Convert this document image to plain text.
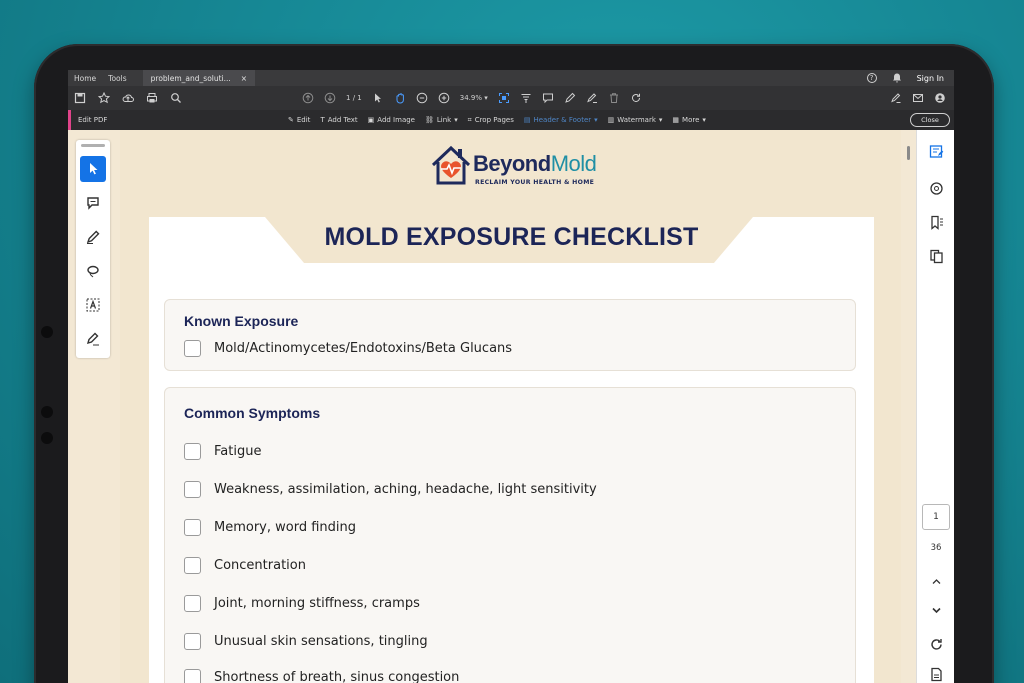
Home	Tools	problem_and_soluti... ×	?	Sign In
1 / 1	34.9% ▾
Edit PDF	✎ Edit T Add Text ▣ Add Image ⛓ Link ▾ ⌗ Crop Pages ▤ Header & Footer ▾ ▥ Watermark ▾ ▦ More ▾	Close
BeyondMold
RECLAIM YOUR HEALTH & HOME
MOLD EXPOSURE CHECKLIST
Known Exposure
Mold/Actinomycetes/Endotoxins/Beta Glucans
Common Symptoms
Fatigue
Weakness, assimilation, aching, headache, light sensitivity
Memory, word finding
Concentration
Joint, morning stiffness, cramps
Unusual skin sensations, tingling
Shortness of breath, sinus congestion
1
36
